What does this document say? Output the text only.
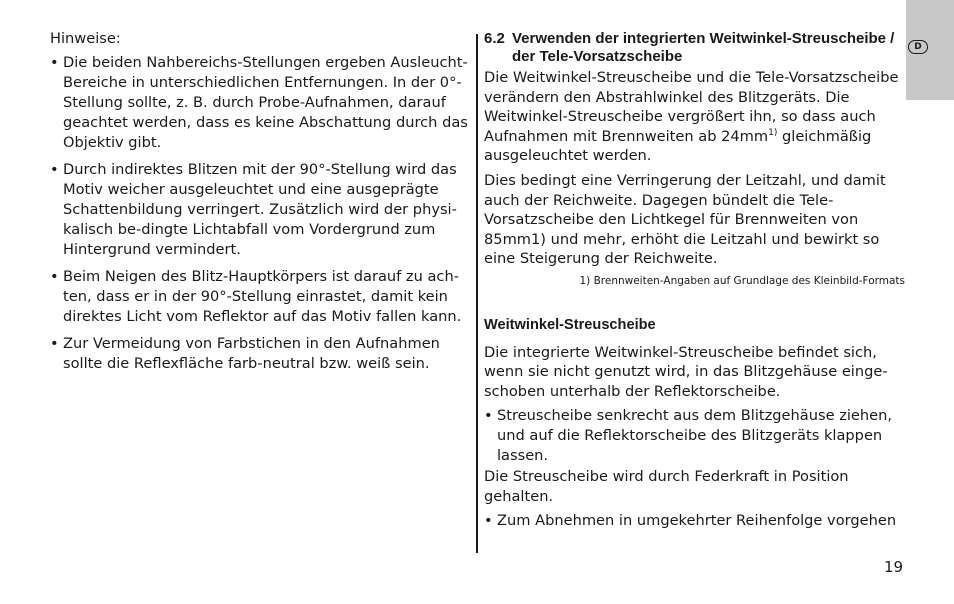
Hinweise:

• Die beiden Nahbereichs-Stellungen ergeben Ausleucht-Bereiche in unterschiedlichen Entfernungen. In der 0°-Stellung sollte, z. B. durch Probe-Aufnahmen, darauf geachtet werden, dass es keine Abschattung durch das Objektiv gibt.
• Durch indirektes Blitzen mit der 90°-Stellung wird das Motiv weicher ausgeleuchtet und eine ausgeprägte Schattenbildung verringert. Zusätzlich wird der physi-kalisch be-dingte Lichtabfall vom Vordergrund zum Hintergrund vermindert.
• Beim Neigen des Blitz-Hauptkörpers ist darauf zu ach-ten, dass er in der 90°-Stellung einrastet, damit kein direktes Licht vom Reflektor auf das Motiv fallen kann.
• Zur Vermeidung von Farbstichen in den Aufnahmen sollte die Reflexfläche farb-neutral bzw. weiß sein.
6.2 Verwenden der integrierten Weitwinkel-Streuscheibe / der Tele-Vorsatzscheibe

Die Weitwinkel-Streuscheibe und die Tele-Vorsatzscheibe verändern den Abstrahlwinkel des Blitzgeräts. Die Weitwinkel-Streuscheibe vergrößert ihn, so dass auch Aufnahmen mit Brennweiten ab $24mm^{1)}$ gleichmäßig ausgeleuchtet werden.

Dies bedingt eine Verringerung der Leitzahl, und damit auch der Reichweite. Dagegen bündelt die Tele-Vorsatzscheibe den Lichtkegel für Brennweiten von 85mm1) und mehr, erhöht die Leitzahl und bewirkt so eine Steigerung der Reichweite.

1) Brennweiten-Angaben auf Grundlage des Kleinbild-Formats

Weitwinkel-Streuscheibe

Die integrierte Weitwinkel-Streuscheibe befindet sich, wenn sie nicht genutzt wird, in das Blitzgehäuse einge-schoben unterhalb der Reflektorscheibe.

• Streuscheibe senkrecht aus dem Blitzgehäuse ziehen, und auf die Reflektorscheibe des Blitzgeräts klappen lassen.

Die Streuscheibe wird durch Federkraft in Position gehalten.

• Zum Abnehmen in umgekehrter Reihenfolge vorgehen
D
19
